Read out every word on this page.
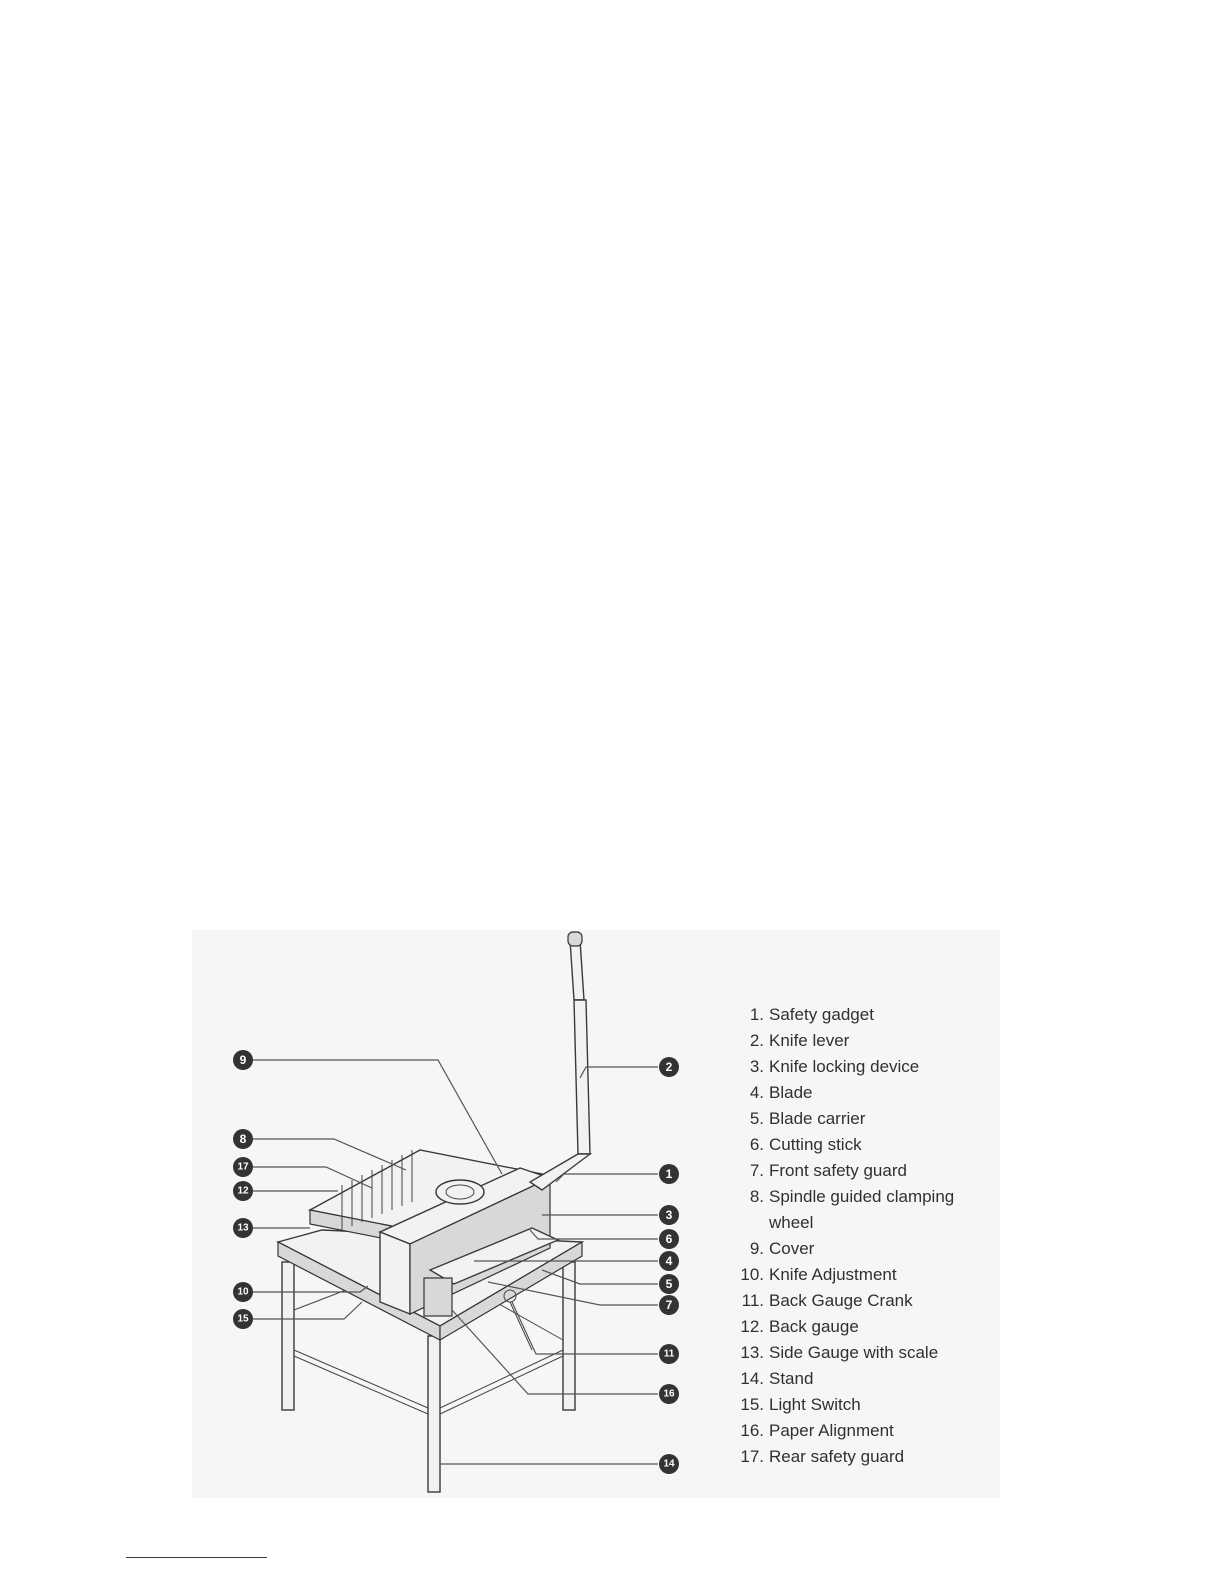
9
8
17
12
13
10
15
2
1
3
6
4
5
7
11
16
14
1. Safety gadget
2. Knife lever
3. Knife locking device
4. Blade
5. Blade carrier
6. Cutting stick
7. Front safety guard
8. Spindle guided clamping wheel
9. Cover
10. Knife Adjustment
11. Back Gauge Crank
12. Back gauge
13. Side Gauge with scale
14. Stand
15. Light Switch
16. Paper Alignment
17. Rear safety guard
